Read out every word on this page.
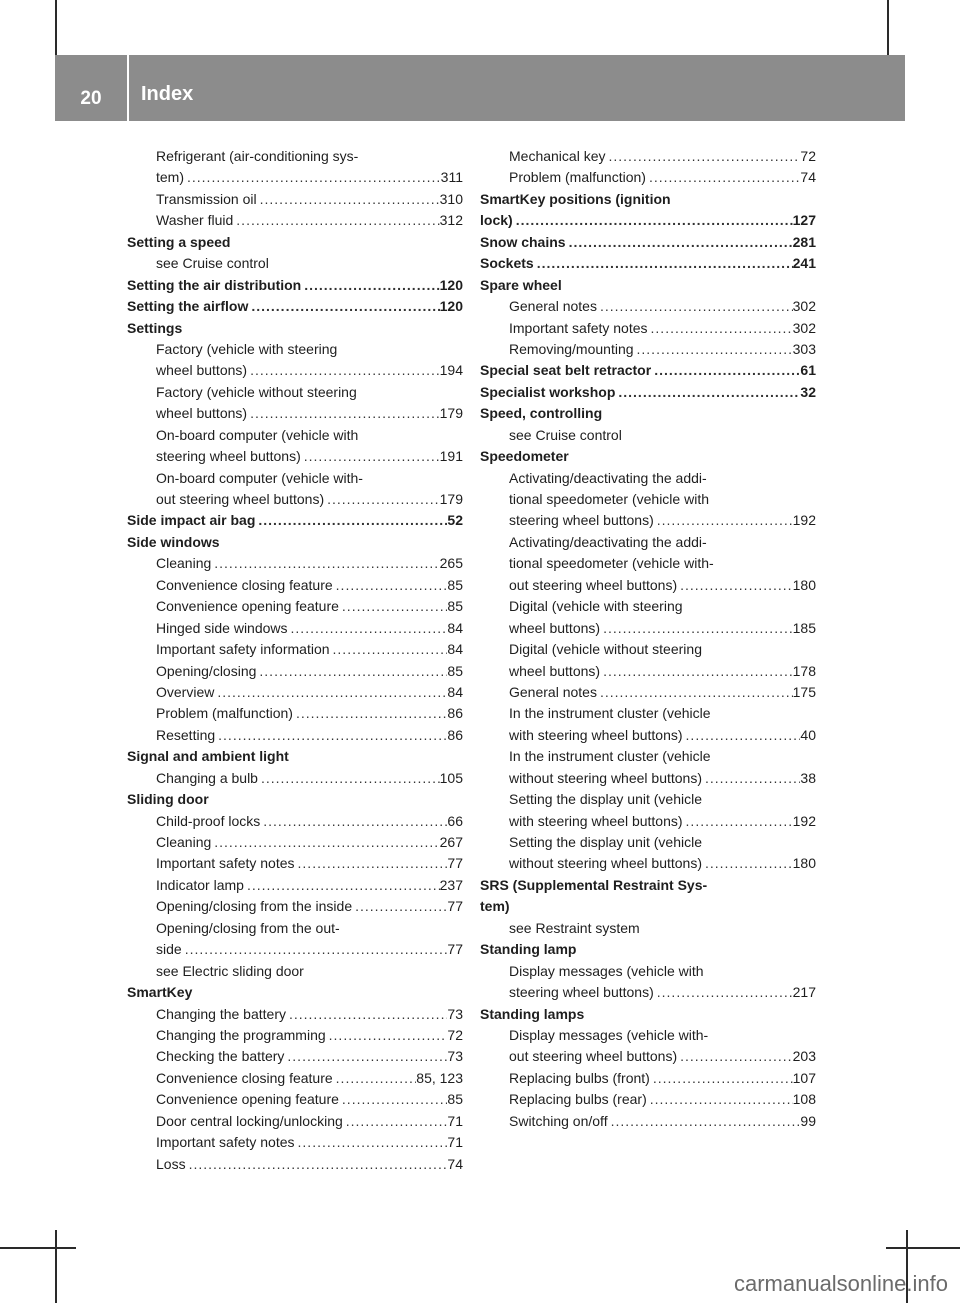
20	Index
Refrigerant (air-conditioning sys-
tem) .....	311
Transmission oil .....	310
Washer fluid .....	312
Setting a speed
see Cruise control
Setting the air distribution .....	120
Setting the airflow .....	120
Settings
Factory (vehicle with steering
wheel buttons) .....	194
Factory (vehicle without steering
wheel buttons) .....	179
On-board computer (vehicle with
steering wheel buttons) .....	191
On-board computer (vehicle with-
out steering wheel buttons) .....	179
Side impact air bag .....	52
Side windows
Cleaning .....	265
Convenience closing feature .....	85
Convenience opening feature .....	85
Hinged side windows .....	84
Important safety information .....	84
Opening/closing .....	85
Overview .....	84
Problem (malfunction) .....	86
Resetting .....	86
Signal and ambient light
Changing a bulb .....	105
Sliding door
Child-proof locks .....	66
Cleaning .....	267
Important safety notes .....	77
Indicator lamp .....	237
Opening/closing from the inside .....	77
Opening/closing from the out-
side .....	77
see Electric sliding door
SmartKey
Changing the battery .....	73
Changing the programming .....	72
Checking the battery .....	73
Convenience closing feature .....	85, 123
Convenience opening feature .....	85
Door central locking/unlocking .....	71
Important safety notes .....	71
Loss .....	74
Mechanical key .....	72
Problem (malfunction) .....	74
SmartKey positions (ignition
lock) .....	127
Snow chains .....	281
Sockets .....	241
Spare wheel
General notes .....	302
Important safety notes .....	302
Removing/mounting .....	303
Special seat belt retractor .....	61
Specialist workshop .....	32
Speed, controlling
see Cruise control
Speedometer
Activating/deactivating the addi-
tional speedometer (vehicle with
steering wheel buttons) .....	192
Activating/deactivating the addi-
tional speedometer (vehicle with-
out steering wheel buttons) .....	180
Digital (vehicle with steering
wheel buttons) .....	185
Digital (vehicle without steering
wheel buttons) .....	178
General notes .....	175
In the instrument cluster (vehicle
with steering wheel buttons) .....	40
In the instrument cluster (vehicle
without steering wheel buttons) .....	38
Setting the display unit (vehicle
with steering wheel buttons) .....	192
Setting the display unit (vehicle
without steering wheel buttons) .....	180
SRS (Supplemental Restraint Sys-
tem)
see Restraint system
Standing lamp
Display messages (vehicle with
steering wheel buttons) .....	217
Standing lamps
Display messages (vehicle with-
out steering wheel buttons) .....	203
Replacing bulbs (front) .....	107
Replacing bulbs (rear) .....	108
Switching on/off .....	99
carmanualsonline.info
